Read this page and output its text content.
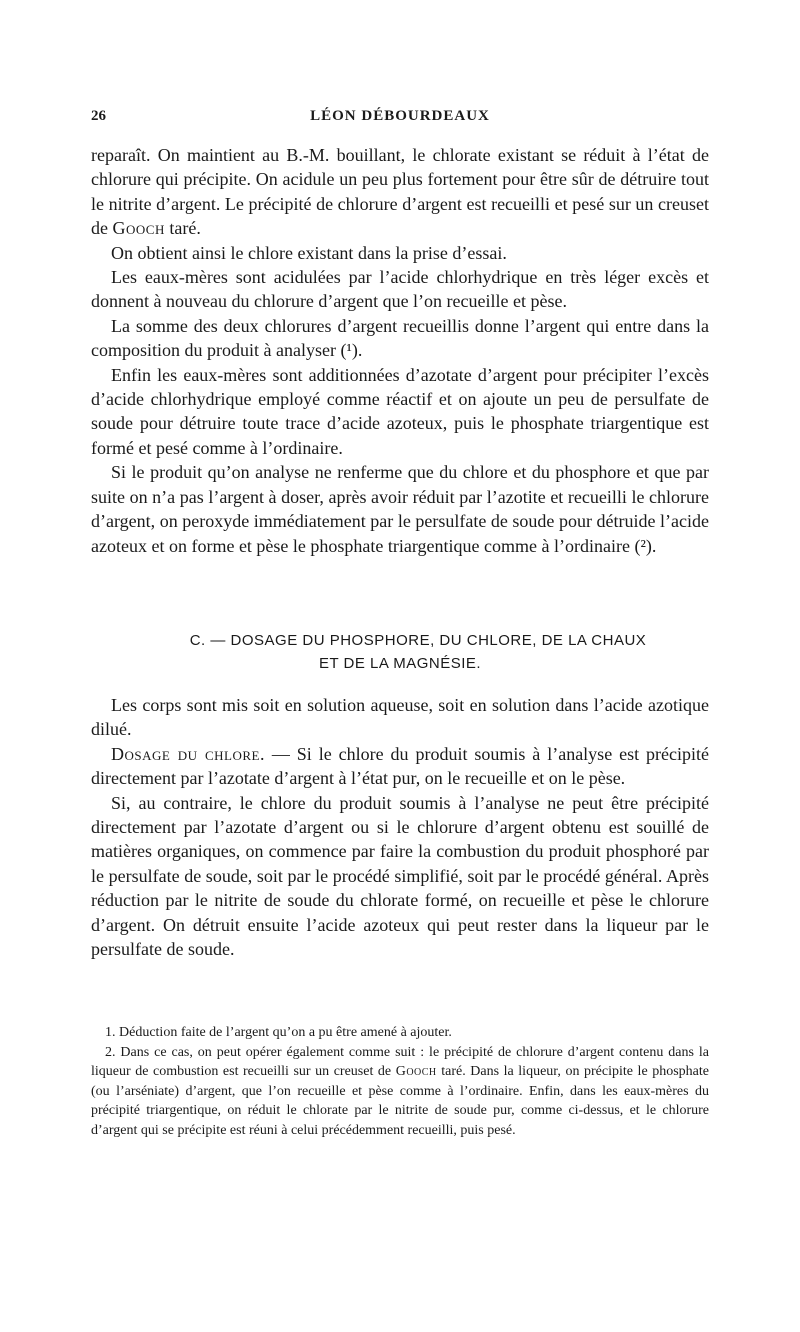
26	LÉON DÉBOURDEAUX

reparaît. On maintient au B.-M. bouillant, le chlorate existant se réduit à l’état de chlorure qui précipite. On acidule un peu plus fortement pour être sûr de détruire tout le nitrite d’argent. Le précipité de chlorure d’argent est recueilli et pesé sur un creuset de Gooch taré.

On obtient ainsi le chlore existant dans la prise d’essai.

Les eaux-mères sont acidulées par l’acide chlorhydrique en très léger excès et donnent à nouveau du chlorure d’argent que l’on recueille et pèse.

La somme des deux chlorures d’argent recueillis donne l’argent qui entre dans la composition du produit à analyser (¹).

Enfin les eaux-mères sont additionnées d’azotate d’argent pour précipiter l’excès d’acide chlorhydrique employé comme réactif et on ajoute un peu de persulfate de soude pour détruire toute trace d’acide azoteux, puis le phosphate triargentique est formé et pesé comme à l’ordinaire.

Si le produit qu’on analyse ne renferme que du chlore et du phosphore et que par suite on n’a pas l’argent à doser, après avoir réduit par l’azotite et recueilli le chlorure d’argent, on peroxyde immédiatement par le persulfate de soude pour détruide l’acide azoteux et on forme et pèse le phosphate triargentique comme à l’ordinaire (²).

C. — DOSAGE DU PHOSPHORE, DU CHLORE, DE LA CHAUX
ET DE LA MAGNÉSIE.

Les corps sont mis soit en solution aqueuse, soit en solution dans l’acide azotique dilué.

Dosage du chlore. — Si le chlore du produit soumis à l’analyse est précipité directement par l’azotate d’argent à l’état pur, on le recueille et on le pèse.

Si, au contraire, le chlore du produit soumis à l’analyse ne peut être précipité directement par l’azotate d’argent ou si le chlorure d’argent obtenu est souillé de matières organiques, on commence par faire la combustion du produit phosphoré par le persulfate de soude, soit par le procédé simplifié, soit par le procédé général. Après réduction par le nitrite de soude du chlorate formé, on recueille et pèse le chlorure d’argent. On détruit ensuite l’acide azoteux qui peut rester dans la liqueur par le persulfate de soude.

1. Déduction faite de l’argent qu’on a pu être amené à ajouter.

2. Dans ce cas, on peut opérer également comme suit : le précipité de chlorure d’argent contenu dans la liqueur de combustion est recueilli sur un creuset de Gooch taré. Dans la liqueur, on précipite le phosphate (ou l’arséniate) d’argent, que l’on recueille et pèse comme à l’ordinaire. Enfin, dans les eaux-mères du précipité triargentique, on réduit le chlorate par le nitrite de soude pur, comme ci-dessus, et le chlorure d’argent qui se précipite est réuni à celui précédemment recueilli, puis pesé.
